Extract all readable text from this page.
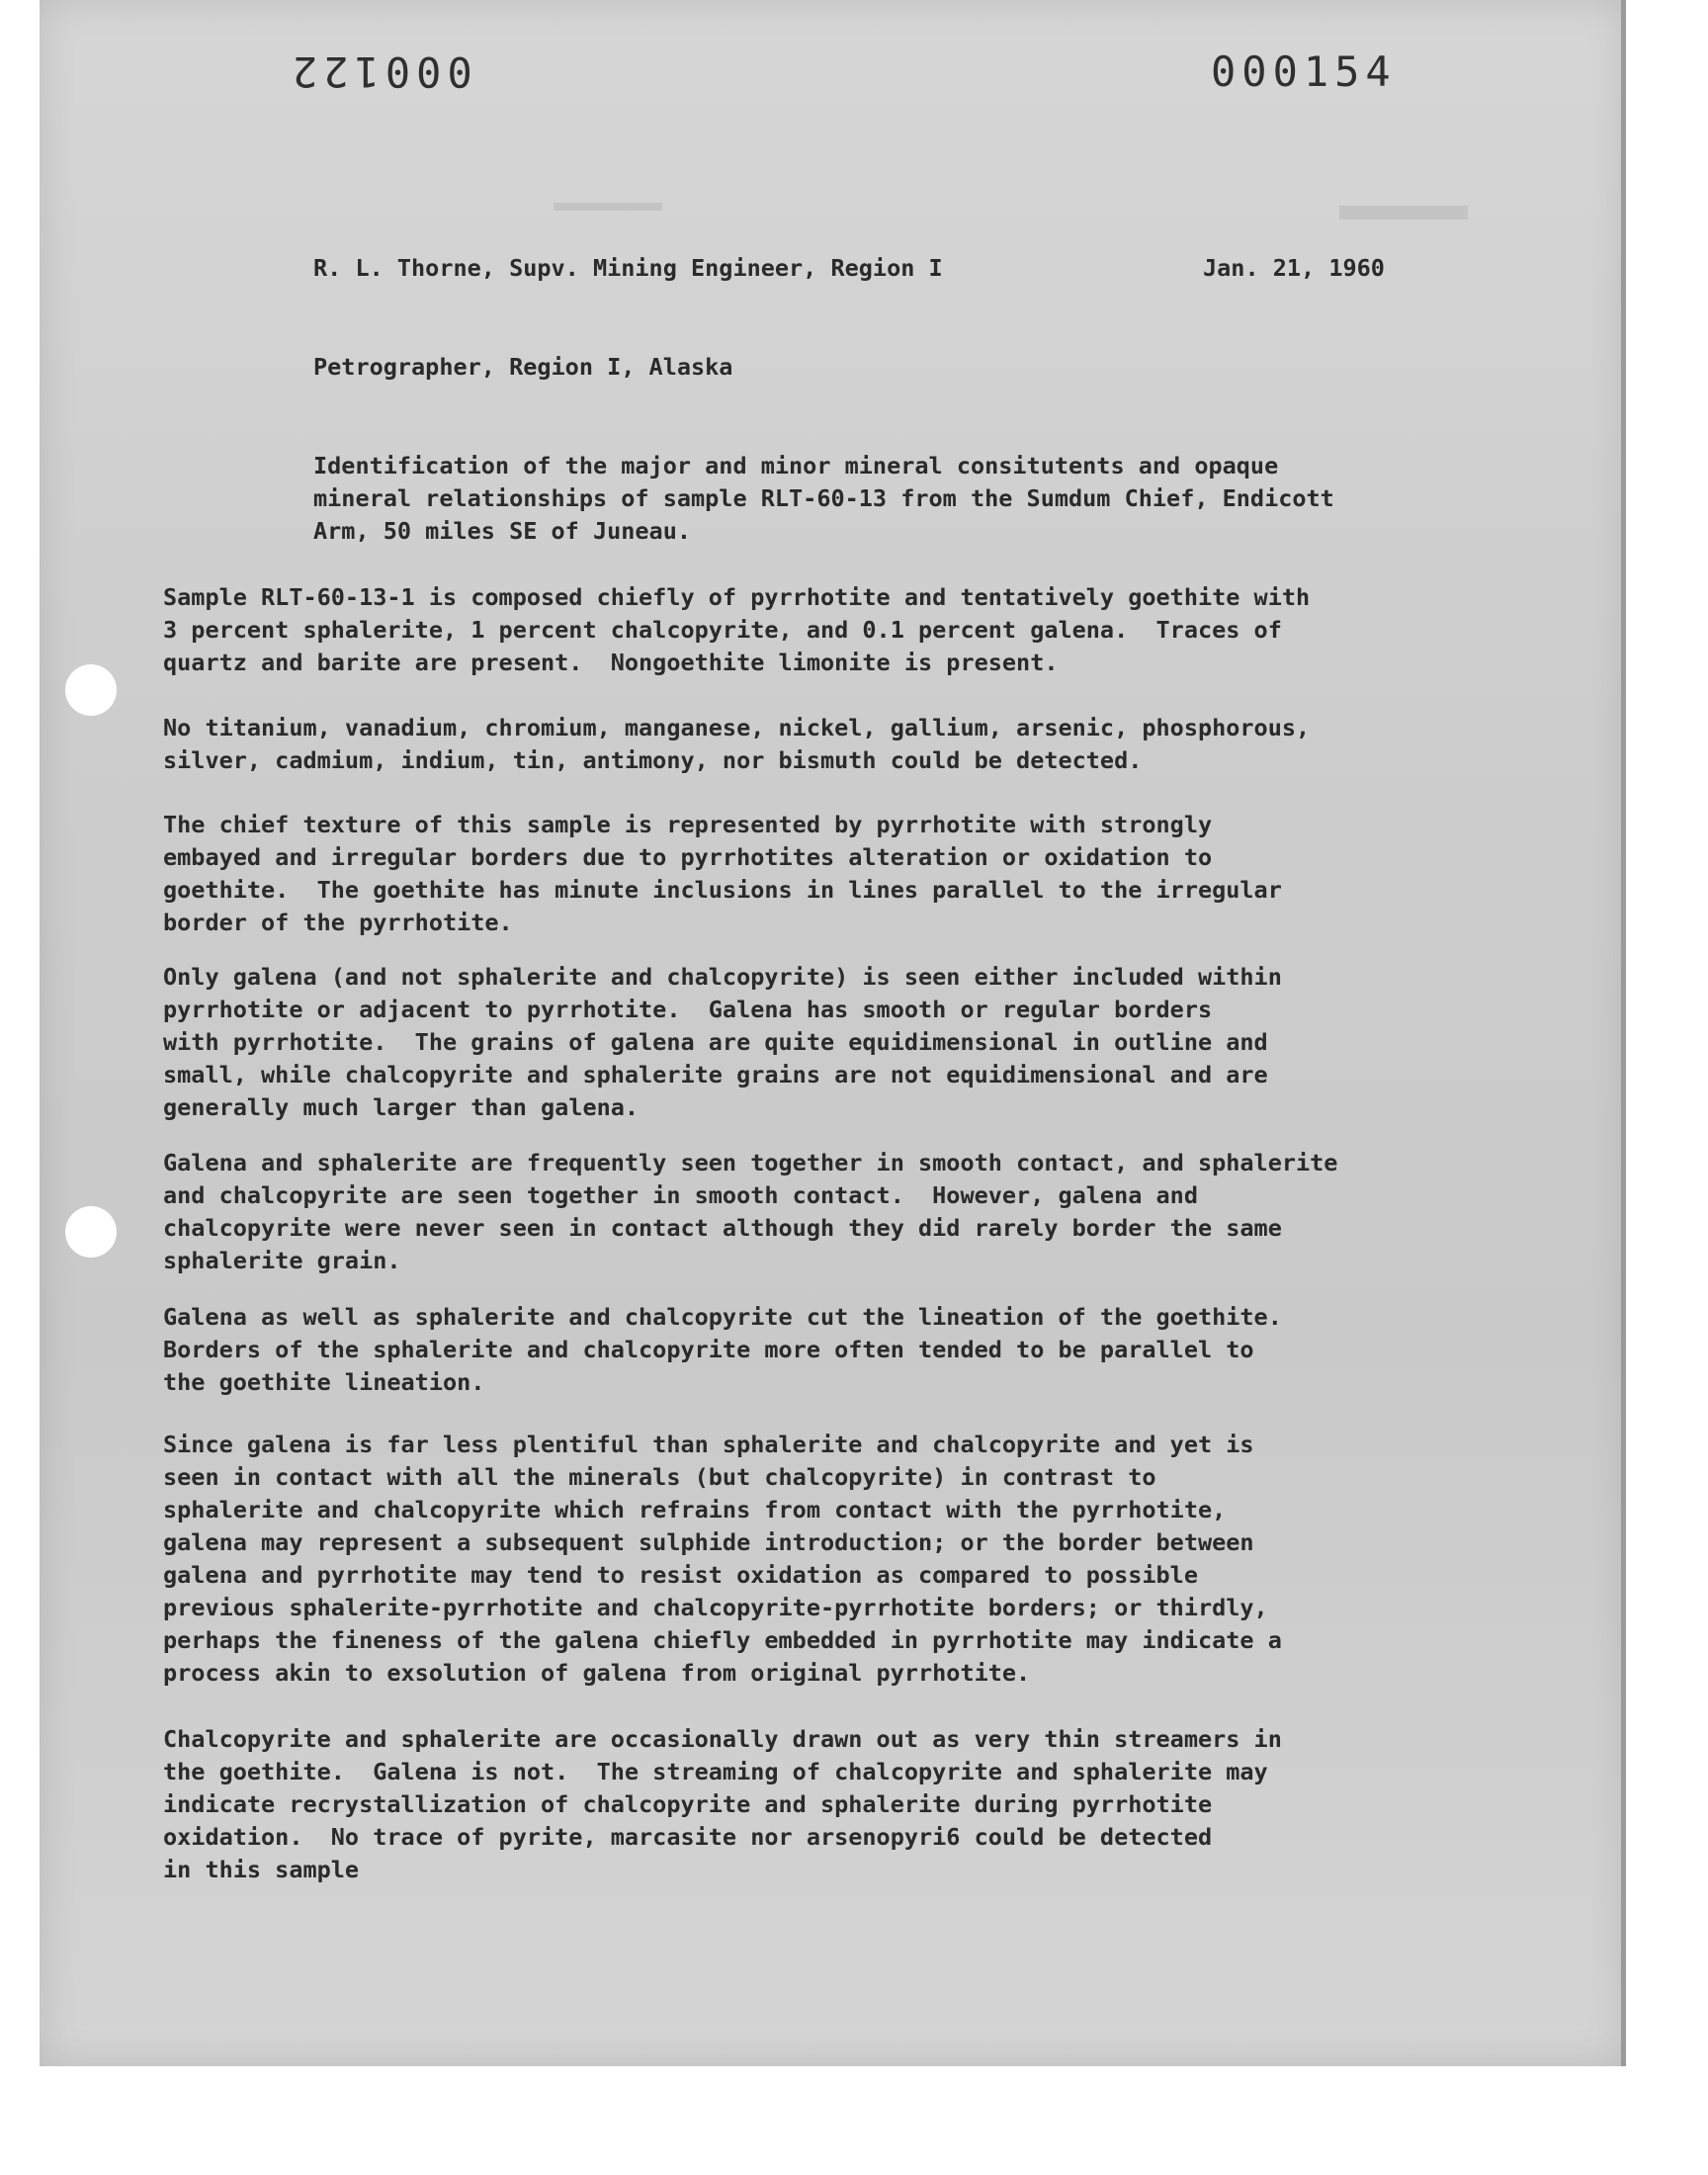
000122	000154

R. L. Thorne, Supv. Mining Engineer, Region I	Jan. 21, 1960

Petrographer, Region I, Alaska

Identification of the major and minor mineral consitutents and opaque
mineral relationships of sample RLT-60-13 from the Sumdum Chief, Endicott
Arm, 50 miles SE of Juneau.

Sample RLT-60-13-1 is composed chiefly of pyrrhotite and tentatively goethite with
3 percent sphalerite, 1 percent chalcopyrite, and 0.1 percent galena.  Traces of
quartz and barite are present.  Nongoethite limonite is present.

No titanium, vanadium, chromium, manganese, nickel, gallium, arsenic, phosphorous,
silver, cadmium, indium, tin, antimony, nor bismuth could be detected.

The chief texture of this sample is represented by pyrrhotite with strongly
embayed and irregular borders due to pyrrhotites alteration or oxidation to
goethite.  The goethite has minute inclusions in lines parallel to the irregular
border of the pyrrhotite.

Only galena (and not sphalerite and chalcopyrite) is seen either included within
pyrrhotite or adjacent to pyrrhotite.  Galena has smooth or regular borders
with pyrrhotite.  The grains of galena are quite equidimensional in outline and
small, while chalcopyrite and sphalerite grains are not equidimensional and are
generally much larger than galena.

Galena and sphalerite are frequently seen together in smooth contact, and sphalerite
and chalcopyrite are seen together in smooth contact.  However, galena and
chalcopyrite were never seen in contact although they did rarely border the same
sphalerite grain.

Galena as well as sphalerite and chalcopyrite cut the lineation of the goethite.
Borders of the sphalerite and chalcopyrite more often tended to be parallel to
the goethite lineation.

Since galena is far less plentiful than sphalerite and chalcopyrite and yet is
seen in contact with all the minerals (but chalcopyrite) in contrast to
sphalerite and chalcopyrite which refrains from contact with the pyrrhotite,
galena may represent a subsequent sulphide introduction; or the border between
galena and pyrrhotite may tend to resist oxidation as compared to possible
previous sphalerite-pyrrhotite and chalcopyrite-pyrrhotite borders; or thirdly,
perhaps the fineness of the galena chiefly embedded in pyrrhotite may indicate a
process akin to exsolution of galena from original pyrrhotite.

Chalcopyrite and sphalerite are occasionally drawn out as very thin streamers in
the goethite.  Galena is not.  The streaming of chalcopyrite and sphalerite may
indicate recrystallization of chalcopyrite and sphalerite during pyrrhotite
oxidation.  No trace of pyrite, marcasite nor arsenopyri6 could be detected
in this sample
